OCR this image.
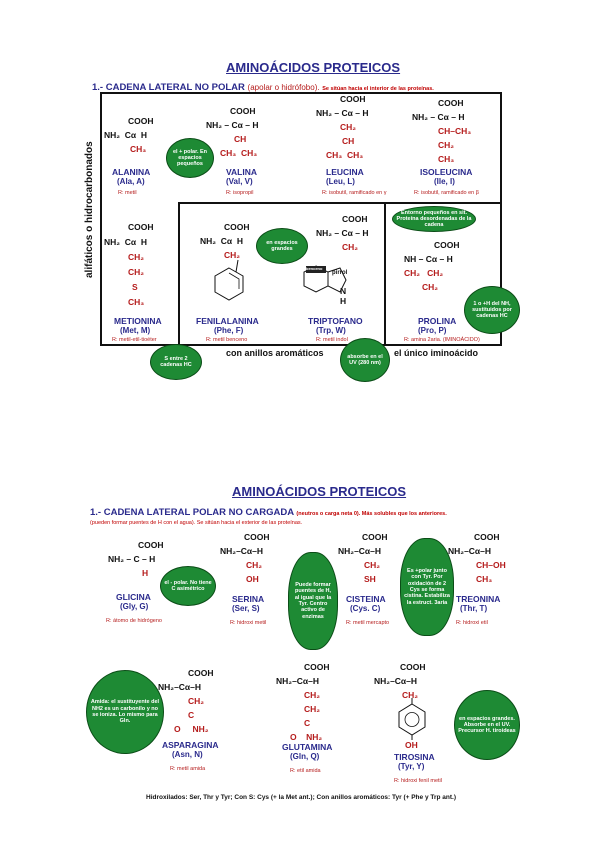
AMINOÁCIDOS PROTEICOS
1.- CADENA LATERAL NO POLAR (apolar o hidrófobo). Se sitúan hacia el interior de las proteínas.
alifáticos o hidrocarbonados
con anillos aromáticos	el único iminoácido
COOH
NH₂ Cα H
CH₃
ALANINA
(Ala, A)
R: metil
COOH
NH₂ – Cα – H
CH
CH₃ CH₃
VALINA
(Val, V)
R: isopropil
COOH
NH₂ – Cα – H
CH₂
CH
CH₃ CH₃
LEUCINA
(Leu, L)
R: isobutil, ramificado en γ
COOH
NH₂ – Cα – H
CH–CH₃
CH₂
CH₃
ISOLEUCINA
(Ile, I)
R: isobutil, ramificado en β
COOH
NH₂ Cα H
CH₂
CH₂
S
CH₃
METIONINA
(Met, M)
R: metil-etil-tioéter
COOH
NH₂ Cα H
CH₂
FENILALANINA
(Phe, F)
R: metil benceno
COOH
NH₂ – Cα – H
CH₂
benceno
pirrol
N
H
TRIPTOFANO
(Trp, W)
R: metil indol
COOH
NH – Cα – H
CH₂ CH₂
CH₂
PROLINA
(Pro, P)
R: amina 2aria. (IMINOÁCIDO)
el + polar. En espacios pequeños
en espacios grandes
S entre 2 cadenas HC
absorbe en el UV (280 nm)
Entorno pequeños en sit. Proteína desordenadas de la cadena
1 o +H del NH, sustituidos por cadenas HC
AMINOÁCIDOS PROTEICOS
1.- CADENA LATERAL POLAR NO CARGADA (neutros o carga neta 0). Más solubles que los anteriores.
(pueden formar puentes de H con el agua). Se sitúan hacia el exterior de las proteínas.
COOH
NH₂ – C – H
H
GLICINA
(Gly, G)
R: átomo de hidrógeno
COOH
NH₂–Cα–H
CH₂
OH
SERINA
(Ser, S)
R: hidroxi metil
COOH
NH₂–Cα–H
CH₂
SH
CISTEINA
(Cys. C)
R: metil mercapto
COOH
NH₂–Cα–H
CH–OH
CH₃
TREONINA
(Thr, T)
R: hidroxi etil
COOH
NH₂–Cα–H
CH₂
C
O NH₂
ASPARAGINA
(Asn, N)
R: metil amida
COOH
NH₂–Cα–H
CH₂
CH₂
C
O NH₂
GLUTAMINA
(Gln, Q)
R: etil amida
COOH
NH₂–Cα–H
CH₂
OH
TIROSINA
(Tyr, Y)
R: hidroxi fenil metil
el - polar. No tiene C asimétrico
Puede formar puentes de H, al igual que la Tyr. Centro activo de enzimas
Es +polar junto con Tyr. Por oxidación de 2 Cys se forma cistina. Estabiliza la estruct. 3aria
Amida: el sustituyente del NH2 es un carbonilo y no se ioniza. Lo mismo para Gln.	en espacios grandes. Absorbe en el UV. Precursor H. tiroideas
Hidroxilados: Ser, Thr y Tyr; Con S: Cys (+ la Met ant.); Con anillos aromáticos: Tyr (+ Phe y Trp ant.)
